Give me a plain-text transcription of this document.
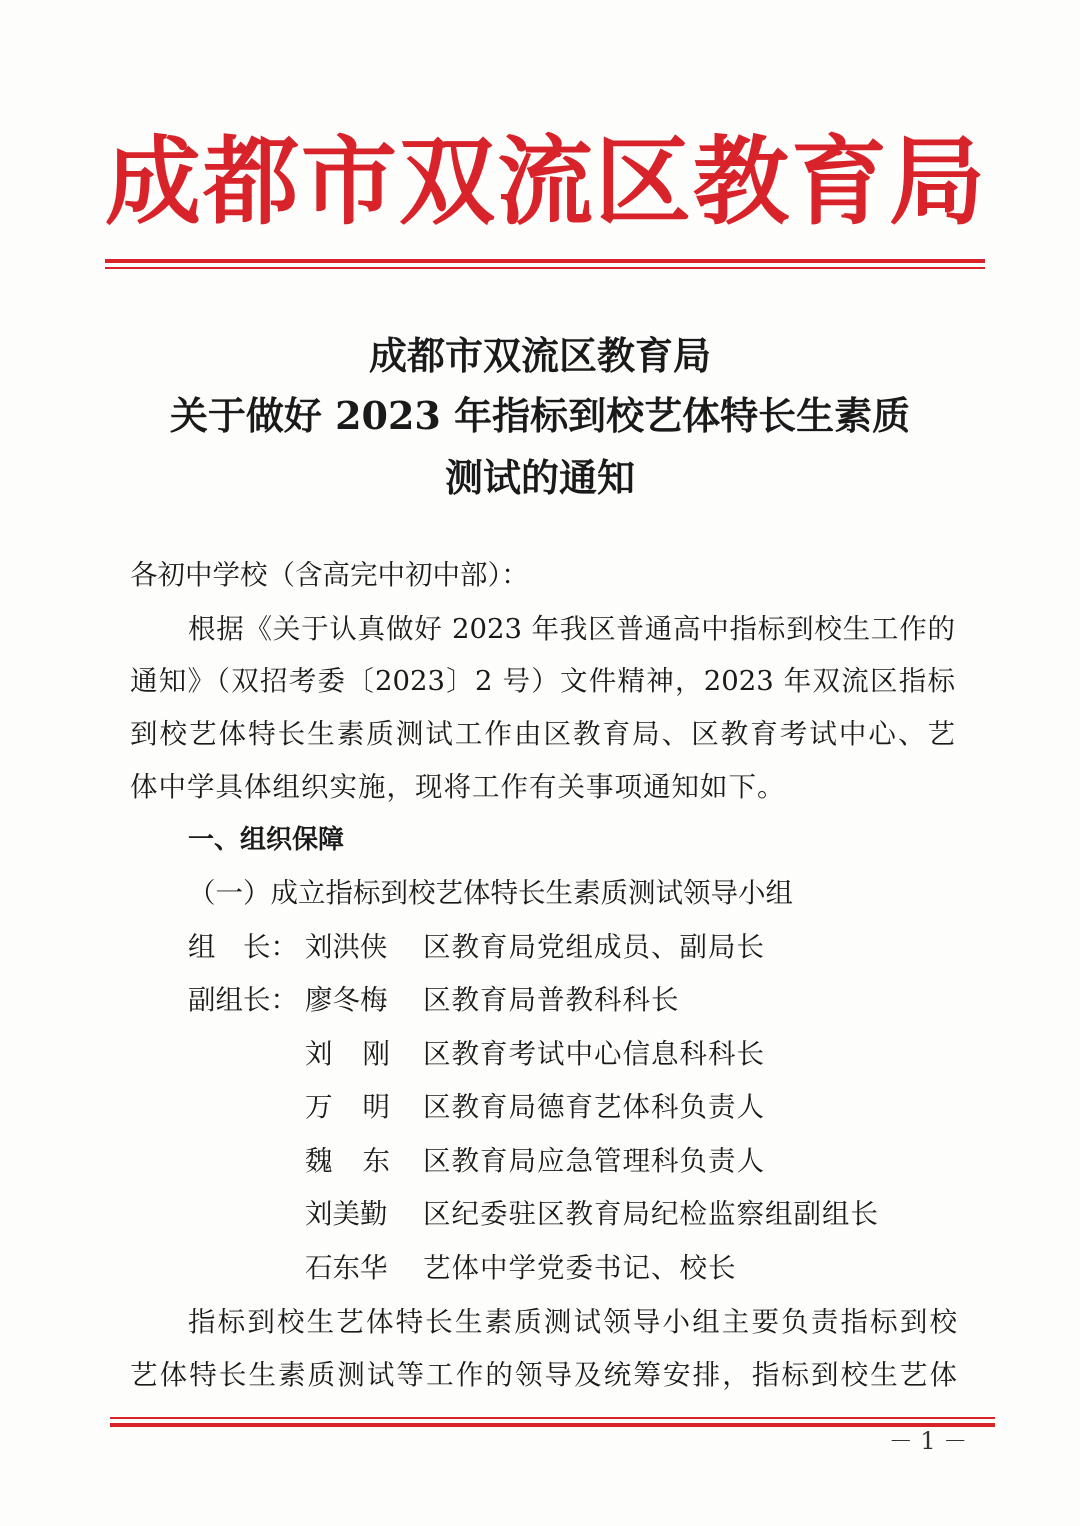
成都市双流区教育局
成都市双流区教育局
关于做好 2023 年指标到校艺体特长生素质
测试的通知
各初中学校（含高完中初中部）：
根据《关于认真做好 2023 年我区普通高中指标到校生工作的
通知》（双招考委〔2023〕2 号）文件精神，2023 年双流区指标
到校艺体特长生素质测试工作由区教育局、区教育考试中心、艺
体中学具体组织实施，现将工作有关事项通知如下。
一、组织保障
（一）成立指标到校艺体特长生素质测试领导小组
组　长： 刘洪侠	区教育局党组成员、副局长
副组长： 廖冬梅	区教育局普教科科长
刘刚 区教育考试中心信息科科长
万明 区教育局德育艺体科负责人
魏东 区教育局应急管理科负责人
刘美勤	区纪委驻区教育局纪检监察组副组长
石东华	艺体中学党委书记、校长
指标到校生艺体特长生素质测试领导小组主要负责指标到校
艺体特长生素质测试等工作的领导及统筹安排，指标到校生艺体
－ 1 －
